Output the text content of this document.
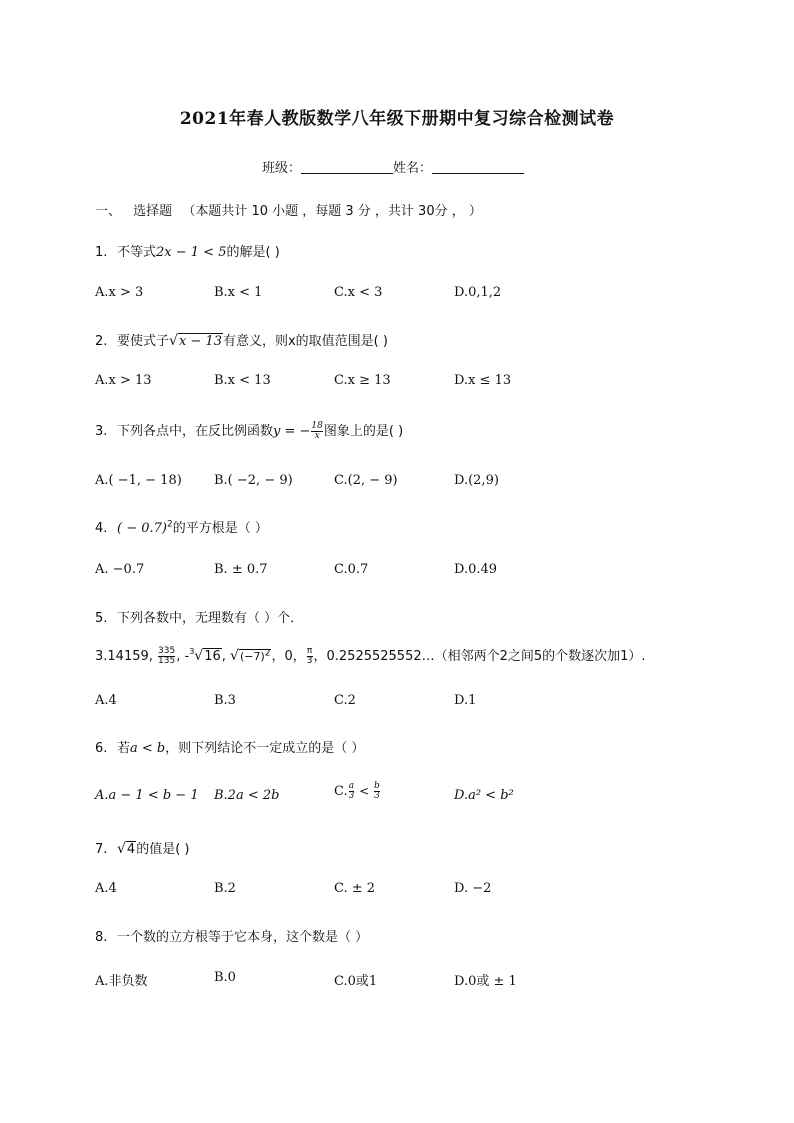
2021年春人教版数学八年级下册期中复习综合检测试卷
班级：	姓名：
一、 选择题 （本题共计 10 小题 ，每题 3 分 ，共计 30分 ， ）
1. 不等式2x − 1 < 5的解是( )
A.x > 3	B.x < 1	C.x < 3	D.0,1,2
2. 要使式子√x − 13有意义，则x的取值范围是( )
A.x > 13	B.x < 13	C.x ≥ 13	D.x ≤ 13
3. 下列各点中，在反比例函数y = − $\frac{18}{x}$ 图象上的是( )
A.( −1, − 18) B.( −2, − 9)	C.(2, − 9)	D.(2,9)
4. ( − 0.7)$^2$的平方根是（ ）
A. −0.7	B. ± 0.7	C.0.7	D.0.49
5. 下列各数中，无理数有（ ）个．
3.14159, $\frac{335}{135}$ , -$^3$√16, $√(-7)^2$，0， $\frac{\pi}{3}$ ，0.2525525552…（相邻两个2之间5的个数逐次加1）.
A.4	B.3	C.2	D.1
6. 若a < b，则下列结论不一定成立的是（ ）
A.a − 1 < b − 1 B.2a < 2b	C. $\frac{a}{3} < \frac{b}{3}$	D.a² < b²
7. √4的值是( )
A.4	B.2	C. ± 2	D. −2
8. 一个数的立方根等于它本身，这个数是（ ）
A.非负数	B.0	C.0或1	D.0或 ± 1
